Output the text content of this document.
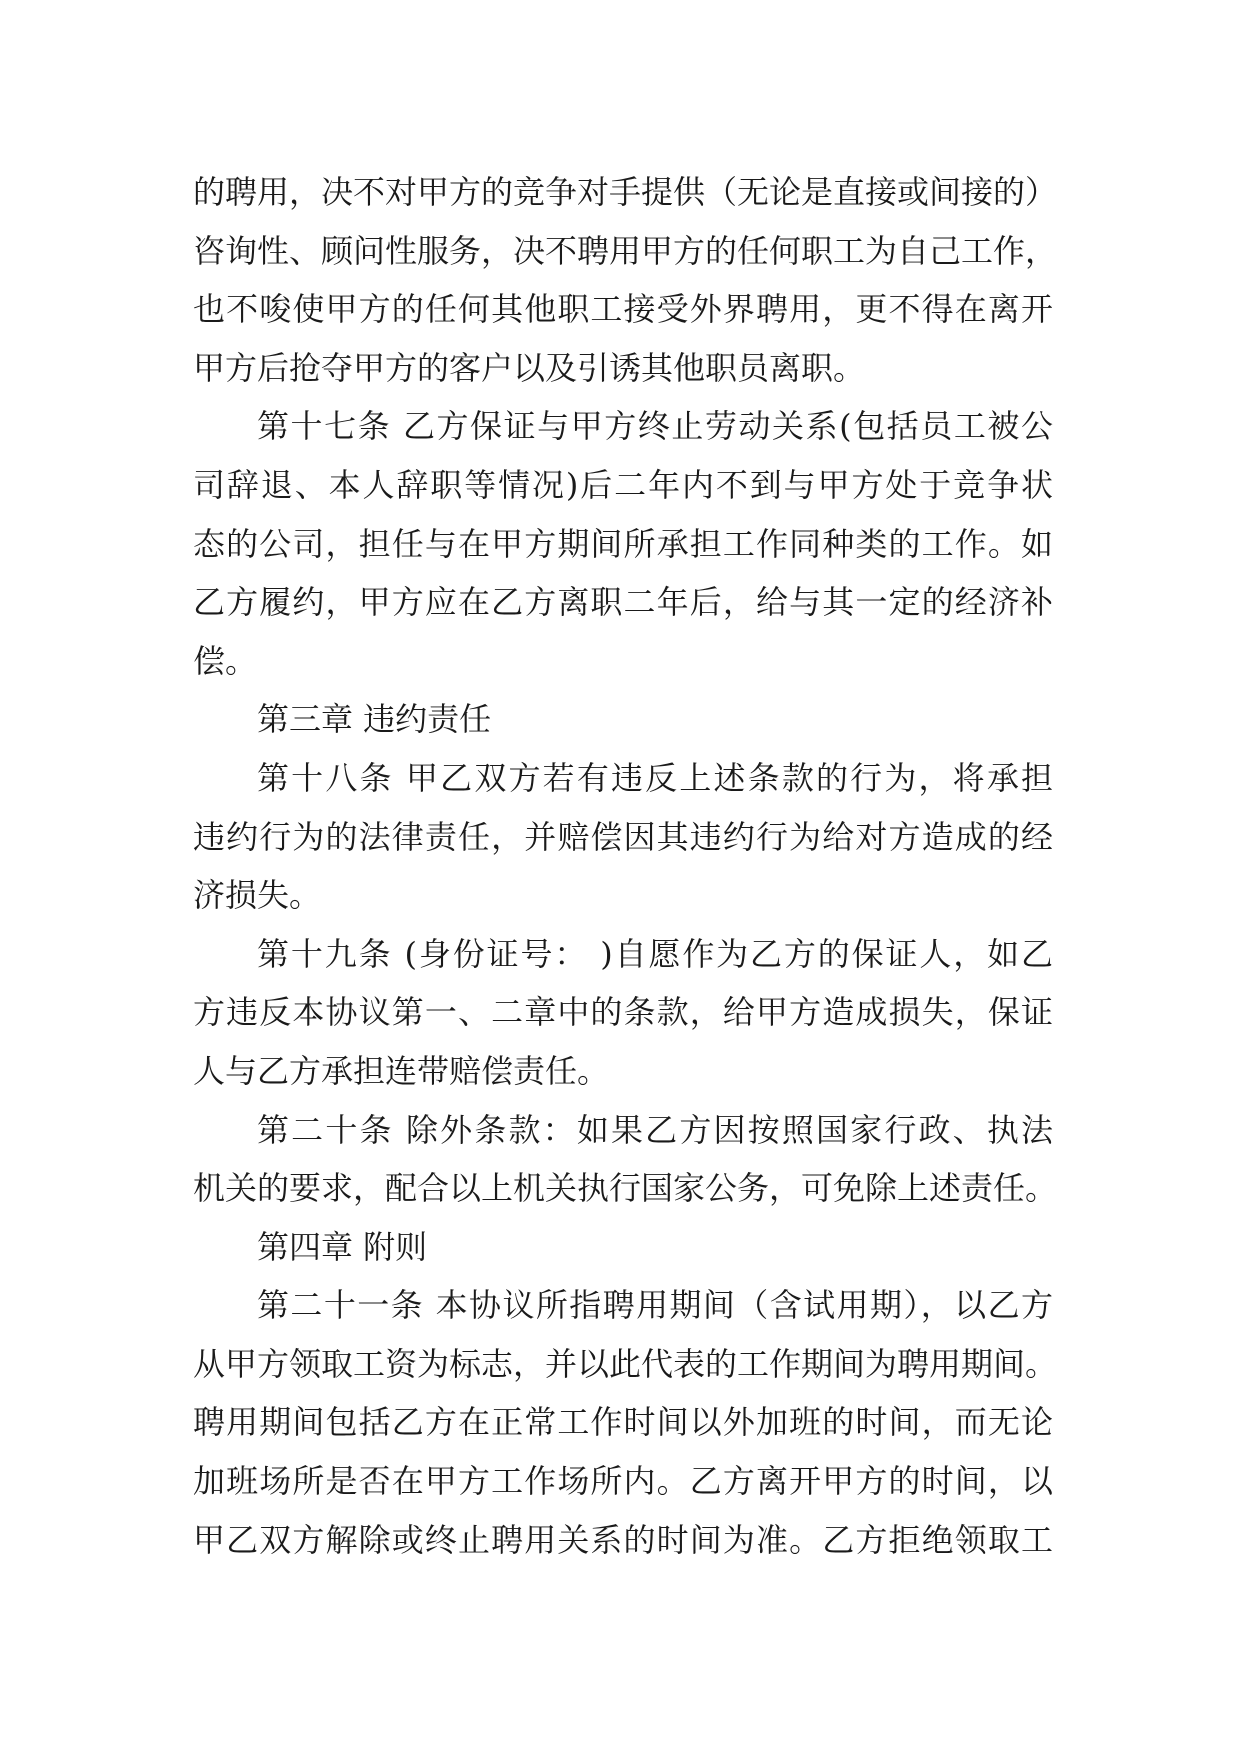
的聘用，决不对甲方的竞争对手提供（无论是直接或间接的）
咨询性、顾问性服务，决不聘用甲方的任何职工为自己工作，
也不唆使甲方的任何其他职工接受外界聘用，更不得在离开
甲方后抢夺甲方的客户以及引诱其他职员离职。
第十七条 乙方保证与甲方终止劳动关系(包括员工被公
司辞退、本人辞职等情况)后二年内不到与甲方处于竞争状
态的公司，担任与在甲方期间所承担工作同种类的工作。如
乙方履约，甲方应在乙方离职二年后，给与其一定的经济补
偿。
第三章 违约责任
第十八条 甲乙双方若有违反上述条款的行为，将承担
违约行为的法律责任，并赔偿因其违约行为给对方造成的经
济损失。
第十九条 (身份证号： )自愿作为乙方的保证人，如乙
方违反本协议第一、二章中的条款，给甲方造成损失，保证
人与乙方承担连带赔偿责任。
第二十条 除外条款：如果乙方因按照国家行政、执法
机关的要求，配合以上机关执行国家公务，可免除上述责任。
第四章 附则
第二十一条 本协议所指聘用期间（含试用期），以乙方
从甲方领取工资为标志，并以此代表的工作期间为聘用期间。
聘用期间包括乙方在正常工作时间以外加班的时间，而无论
加班场所是否在甲方工作场所内。乙方离开甲方的时间，以
甲乙双方解除或终止聘用关系的时间为准。乙方拒绝领取工
